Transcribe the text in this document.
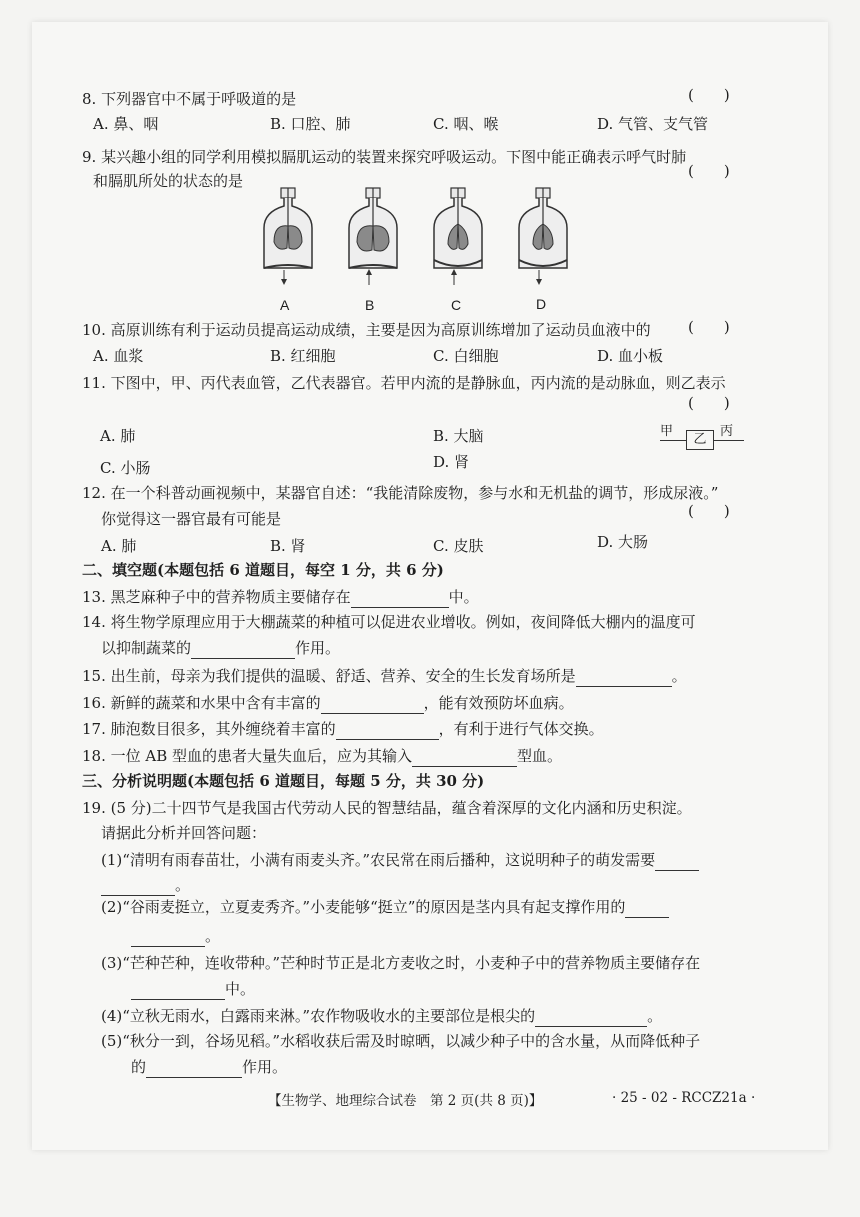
8. 下列器官中不属于呼吸道的是	(　　)
A. 鼻、咽	B. 口腔、肺	C. 咽、喉	D. 气管、支气管
9. 某兴趣小组的同学利用模拟膈肌运动的装置来探究呼吸运动。下图中能正确表示呼气时肺
和膈肌所处的状态的是
(　　)
A	B	C	D
10. 高原训练有利于运动员提高运动成绩，主要是因为高原训练增加了运动员血液中的 (　　)
A. 血浆	B. 红细胞	C. 白细胞	D. 血小板
11. 下图中，甲、丙代表血管，乙代表器官。若甲内流的是静脉血，丙内流的是动脉血，则乙表示
(　　)
A. 肺	B. 大脑
C. 小肠	D. 肾
甲
乙
丙
12. 在一个科普动画视频中，某器官自述：“我能清除废物，参与水和无机盐的调节，形成尿液。”
你觉得这一器官最有可能是	(　　)
A. 肺	B. 肾	C. 皮肤	D. 大肠
二、填空题(本题包括 6 道题目，每空 1 分，共 6 分)
13. 黑芝麻种子中的营养物质主要储存在	中。
14. 将生物学原理应用于大棚蔬菜的种植可以促进农业增收。例如，夜间降低大棚内的温度可
以抑制蔬菜的	作用。
15. 出生前，母亲为我们提供的温暖、舒适、营养、安全的生长发育场所是	。
16. 新鲜的蔬菜和水果中含有丰富的	，能有效预防坏血病。
17. 肺泡数目很多，其外缠绕着丰富的	，有利于进行气体交换。
18. 一位 AB 型血的患者大量失血后，应为其输入	型血。
三、分析说明题(本题包括 6 道题目，每题 5 分，共 30 分)
19. (5 分)二十四节气是我国古代劳动人民的智慧结晶，蕴含着深厚的文化内涵和历史积淀。
请据此分析并回答问题：
(1)“清明有雨春苗壮，小满有雨麦头齐。”农民常在雨后播种，这说明种子的萌发需要
。
(2)“谷雨麦挺立，立夏麦秀齐。”小麦能够“挺立”的原因是茎内具有起支撑作用的
。
(3)“芒种芒种，连收带种。”芒种时节正是北方麦收之时，小麦种子中的营养物质主要储存在
中。
(4)“立秋无雨水，白露雨来淋。”农作物吸收水的主要部位是根尖的	。
(5)“秋分一到，谷场见稻。”水稻收获后需及时晾晒，以减少种子中的含水量，从而降低种子
的	作用。
【生物学、地理综合试卷　第 2 页(共 8 页)】	· 25 - 02 - RCCZ21a ·
